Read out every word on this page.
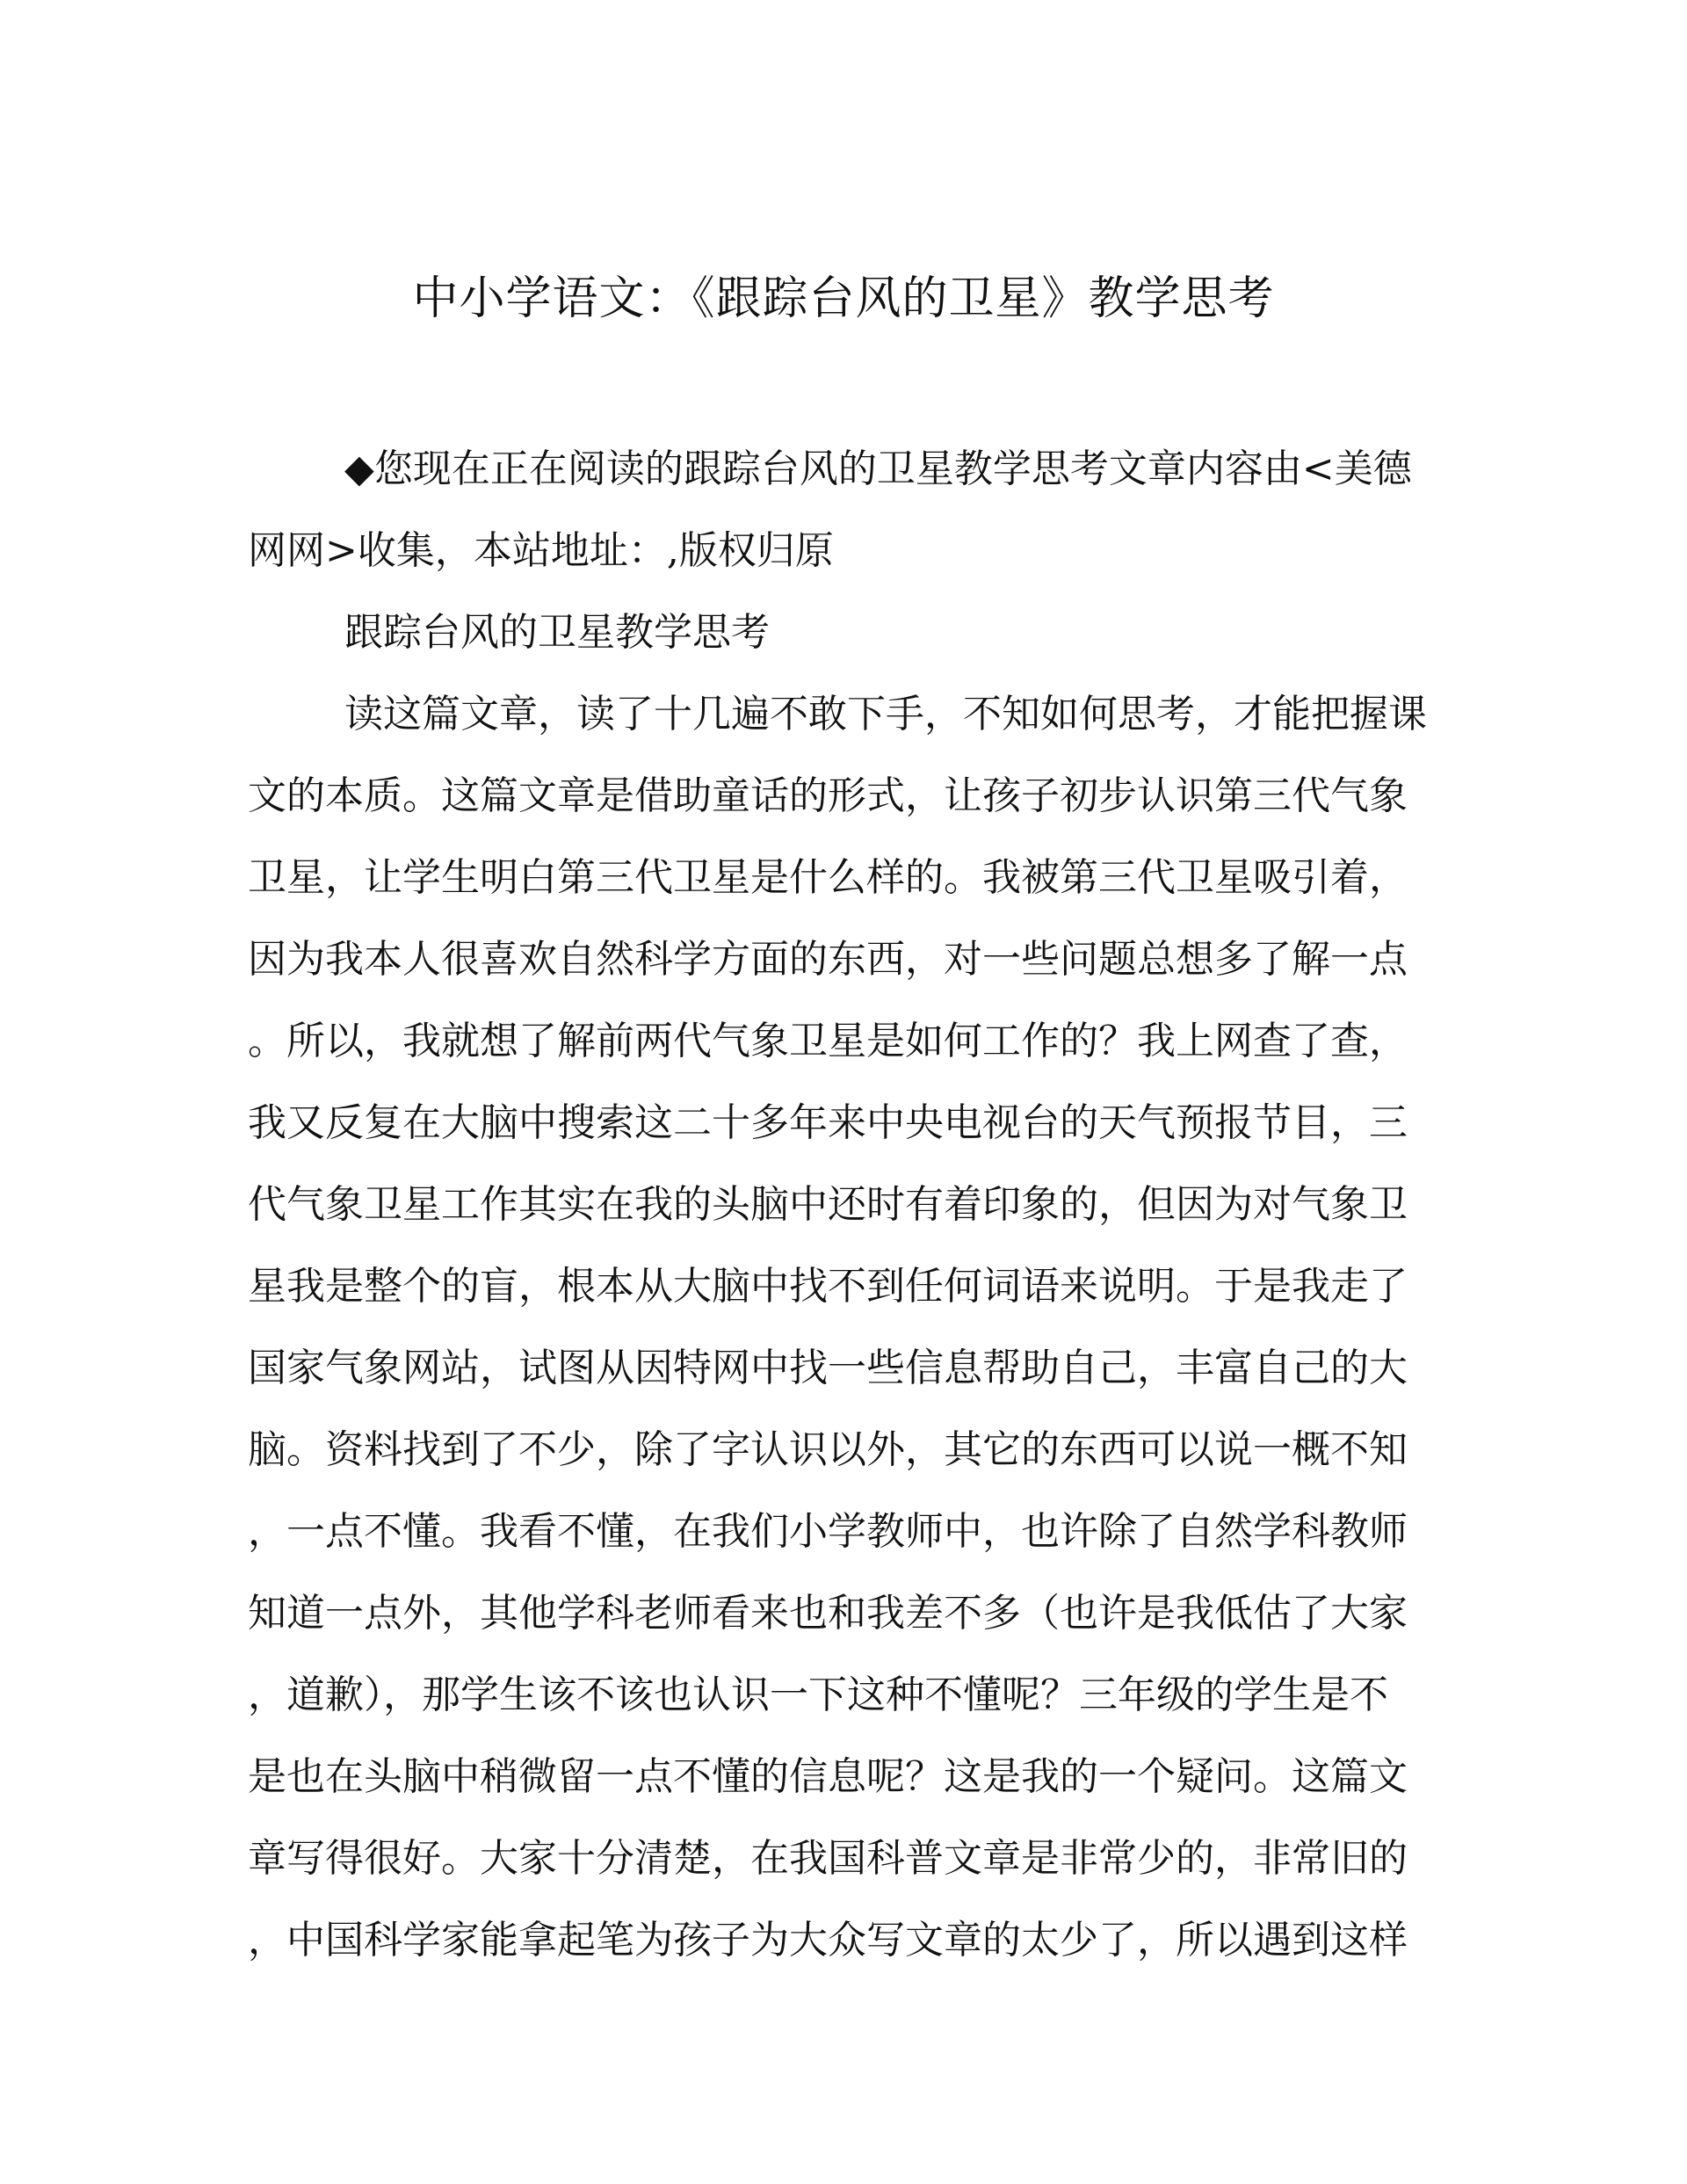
中小学语文：《跟踪台风的卫星》教学思考
◆您现在正在阅读的跟踪台风的卫星教学思考文章内容由<美德
网网>收集，本站地址：,版权归原
跟踪台风的卫星教学思考
读这篇文章，读了十几遍不敢下手，不知如何思考，才能把握课
文的本质。这篇文章是借助童话的形式，让孩子初步认识第三代气象
卫星，让学生明白第三代卫星是什么样的。我被第三代卫星吸引着，
因为我本人很喜欢自然科学方面的东西，对一些问题总想多了解一点
。所以，我就想了解前两代气象卫星是如何工作的？我上网查了查，
我又反复在大脑中搜索这二十多年来中央电视台的天气预报节目，三
代气象卫星工作其实在我的头脑中还时有着印象的，但因为对气象卫
星我是整个的盲，根本从大脑中找不到任何词语来说明。于是我走了
国家气象网站，试图从因特网中找一些信息帮助自己，丰富自己的大
脑。资料找到了不少，除了字认识以外，其它的东西可以说一概不知
，一点不懂。我看不懂，在我们小学教师中，也许除了自然学科教师
知道一点外，其他学科老师看来也和我差不多（也许是我低估了大家
，道歉），那学生该不该也认识一下这种不懂呢？三年级的学生是不
是也在头脑中稍微留一点不懂的信息呢？这是我的一个疑问。这篇文
章写得很好。大家十分清楚，在我国科普文章是非常少的，非常旧的
，中国科学家能拿起笔为孩子为大众写文章的太少了，所以遇到这样
